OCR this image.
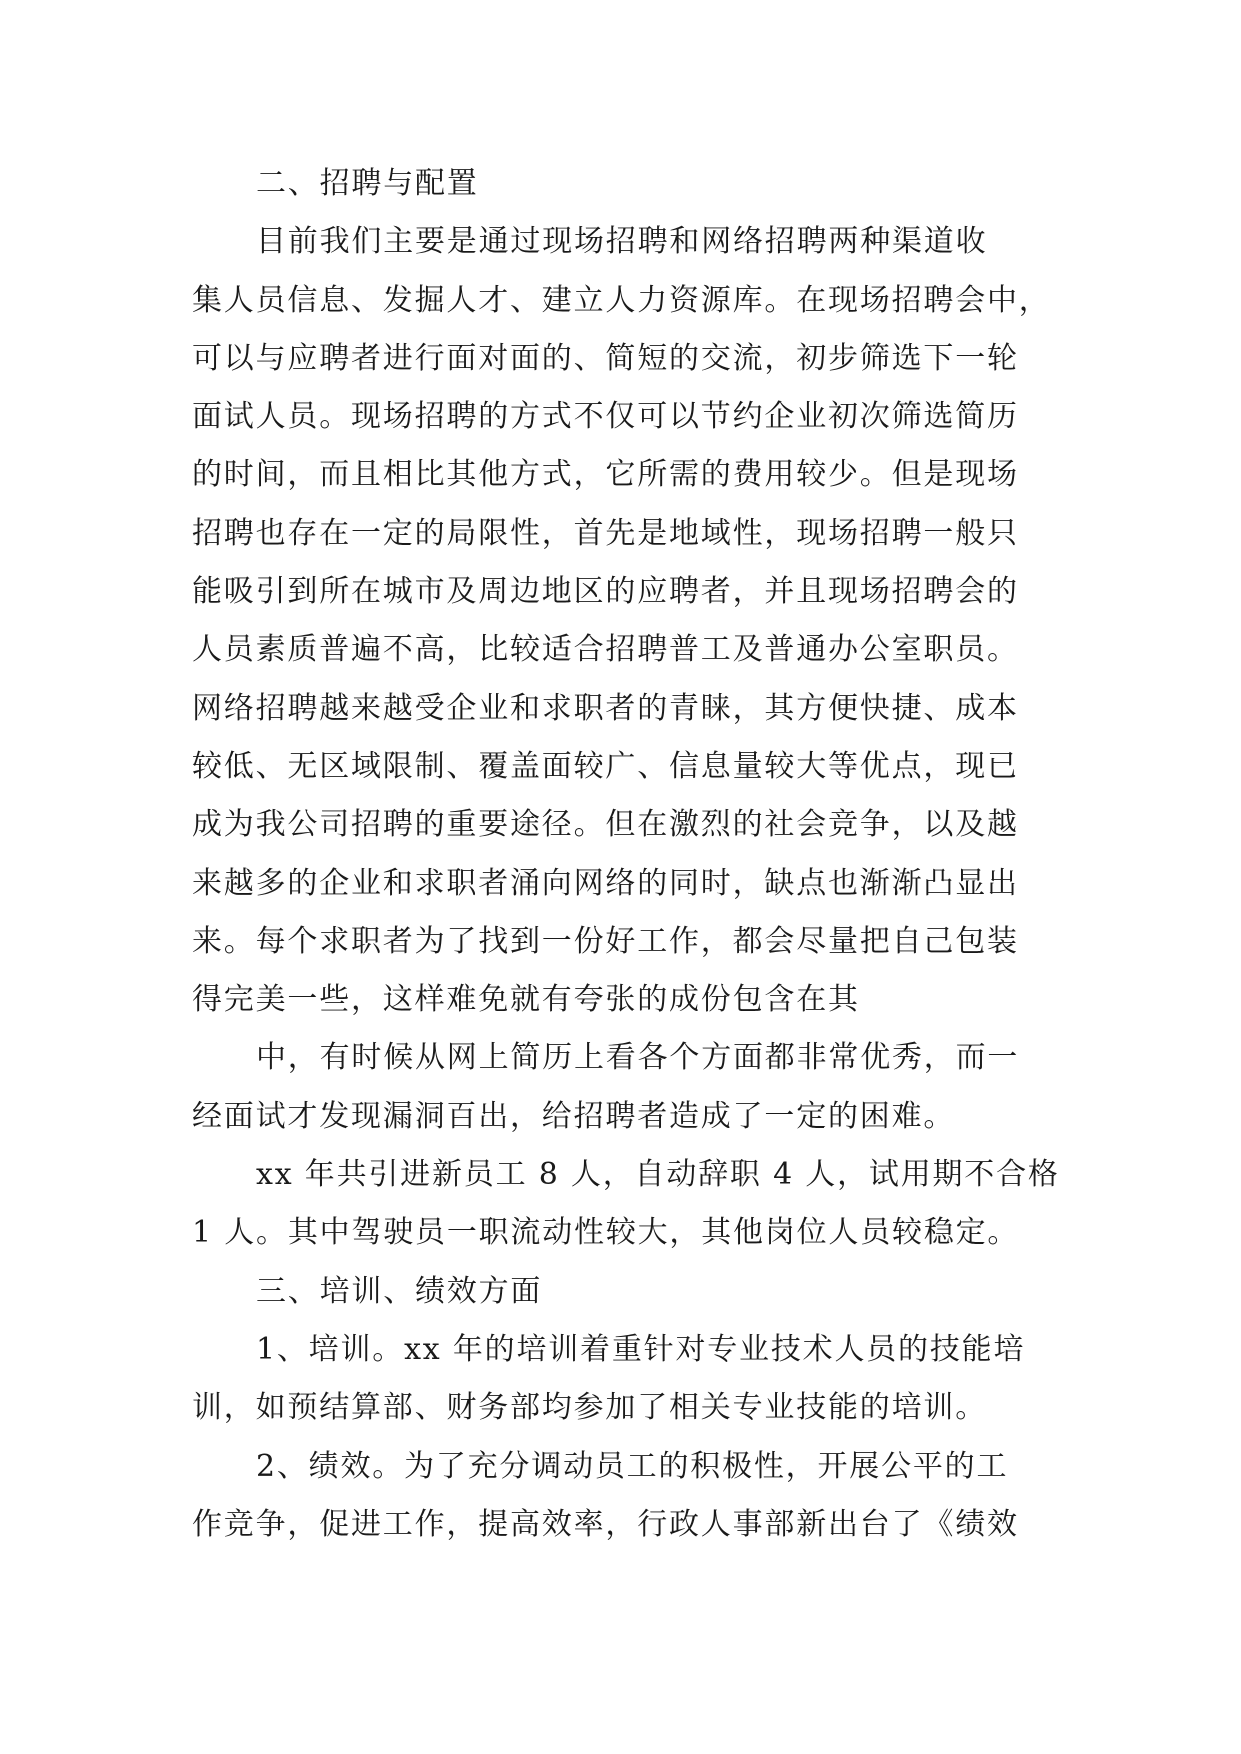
二、招聘与配置
目前我们主要是通过现场招聘和网络招聘两种渠道收
集人员信息、发掘人才、建立人力资源库。在现场招聘会中，
可以与应聘者进行面对面的、简短的交流，初步筛选下一轮
面试人员。现场招聘的方式不仅可以节约企业初次筛选简历
的时间，而且相比其他方式，它所需的费用较少。但是现场
招聘也存在一定的局限性，首先是地域性，现场招聘一般只
能吸引到所在城市及周边地区的应聘者，并且现场招聘会的
人员素质普遍不高，比较适合招聘普工及普通办公室职员。
网络招聘越来越受企业和求职者的青睐，其方便快捷、成本
较低、无区域限制、覆盖面较广、信息量较大等优点，现已
成为我公司招聘的重要途径。但在激烈的社会竞争，以及越
来越多的企业和求职者涌向网络的同时，缺点也渐渐凸显出
来。每个求职者为了找到一份好工作，都会尽量把自己包装
得完美一些，这样难免就有夸张的成份包含在其
中，有时候从网上简历上看各个方面都非常优秀，而一
经面试才发现漏洞百出，给招聘者造成了一定的困难。
xx 年共引进新员工 8 人，自动辞职 4 人，试用期不合格
1 人。其中驾驶员一职流动性较大，其他岗位人员较稳定。
三、培训、绩效方面
1、培训。xx 年的培训着重针对专业技术人员的技能培
训，如预结算部、财务部均参加了相关专业技能的培训。
2、绩效。为了充分调动员工的积极性，开展公平的工
作竞争，促进工作，提高效率，行政人事部新出台了《绩效
